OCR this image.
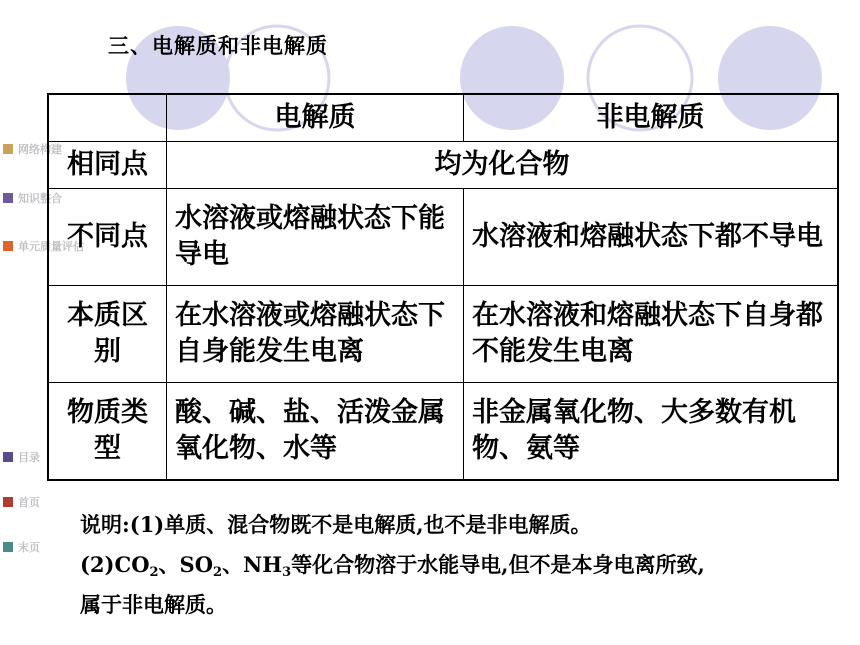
三、电解质和非电解质
网络构建
知识整合
单元质量评估
目录
首页
末页
	电解质	非电解质
相同点	均为化合物	
不同点	水溶液或熔融状态下能导电	水溶液和熔融状态下都不导电
本质区别	在水溶液或熔融状态下自身能发生电离	在水溶液和熔融状态下自身都不能发生电离
物质类型	酸、碱、盐、活泼金属氧化物、水等	非金属氧化物、大多数有机物、氨等
说明:(1)单质、混合物既不是电解质,也不是非电解质。
$(2)CO_2$、$SO_2$、$NH_3$等化合物溶于水能导电,但不是本身电离所致,
属于非电解质。
